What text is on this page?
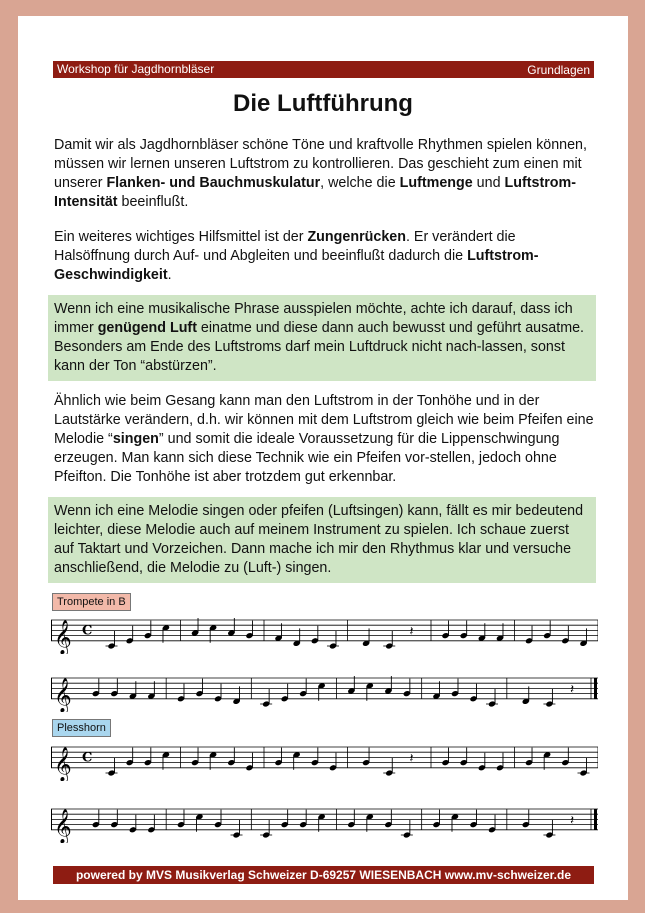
Workshop für Jagdhornbläser	Grundlagen
Die Luftführung

Damit wir als Jagdhornbläser schöne Töne und kraftvolle Rhythmen spielen können, müssen wir lernen unseren Luftstrom zu kontrollieren. Das geschieht zum einen mit unserer Flanken- und Bauchmuskulatur, welche die Luftmenge und Luftstrom-Intensität beeinflußt.

Ein weiteres wichtiges Hilfsmittel ist der Zungenrücken. Er verändert die Halsöffnung durch Auf- und Abgleiten und beeinflußt dadurch die Luftstrom-Geschwindigkeit.

Wenn ich eine musikalische Phrase ausspielen möchte, achte ich darauf, dass ich immer genügend Luft einatme und diese dann auch bewusst und geführt ausatme. Besonders am Ende des Luftstroms darf mein Luftdruck nicht nach-lassen, sonst kann der Ton “abstürzen”.

Ähnlich wie beim Gesang kann man den Luftstrom in der Tonhöhe und in der Lautstärke verändern, d.h. wir können mit dem Luftstrom gleich wie beim Pfeifen eine Melodie “singen” und somit die ideale Voraussetzung für die Lippenschwingung erzeugen. Man kann sich diese Technik wie ein Pfeifen vor-stellen, jedoch ohne Pfeifton. Die Tonhöhe ist aber trotzdem gut erkennbar.

Wenn ich eine Melodie singen oder pfeifen (Luftsingen) kann, fällt es mir bedeutend leichter, diese Melodie auch auf meinem Instrument zu spielen. Ich schaue zuerst auf Taktart und Vorzeichen. Dann mache ich mir den Rhythmus klar und versuche anschließend, die Melodie zu (Luft-) singen.

Trompete in B
𝄞 C	𝄽
𝄞	𝄽
Plesshorn
𝄞 C	𝄽
𝄞	𝄽
powered by MVS Musikverlag Schweizer D-69257 WIESENBACH www.mv-schweizer.de
